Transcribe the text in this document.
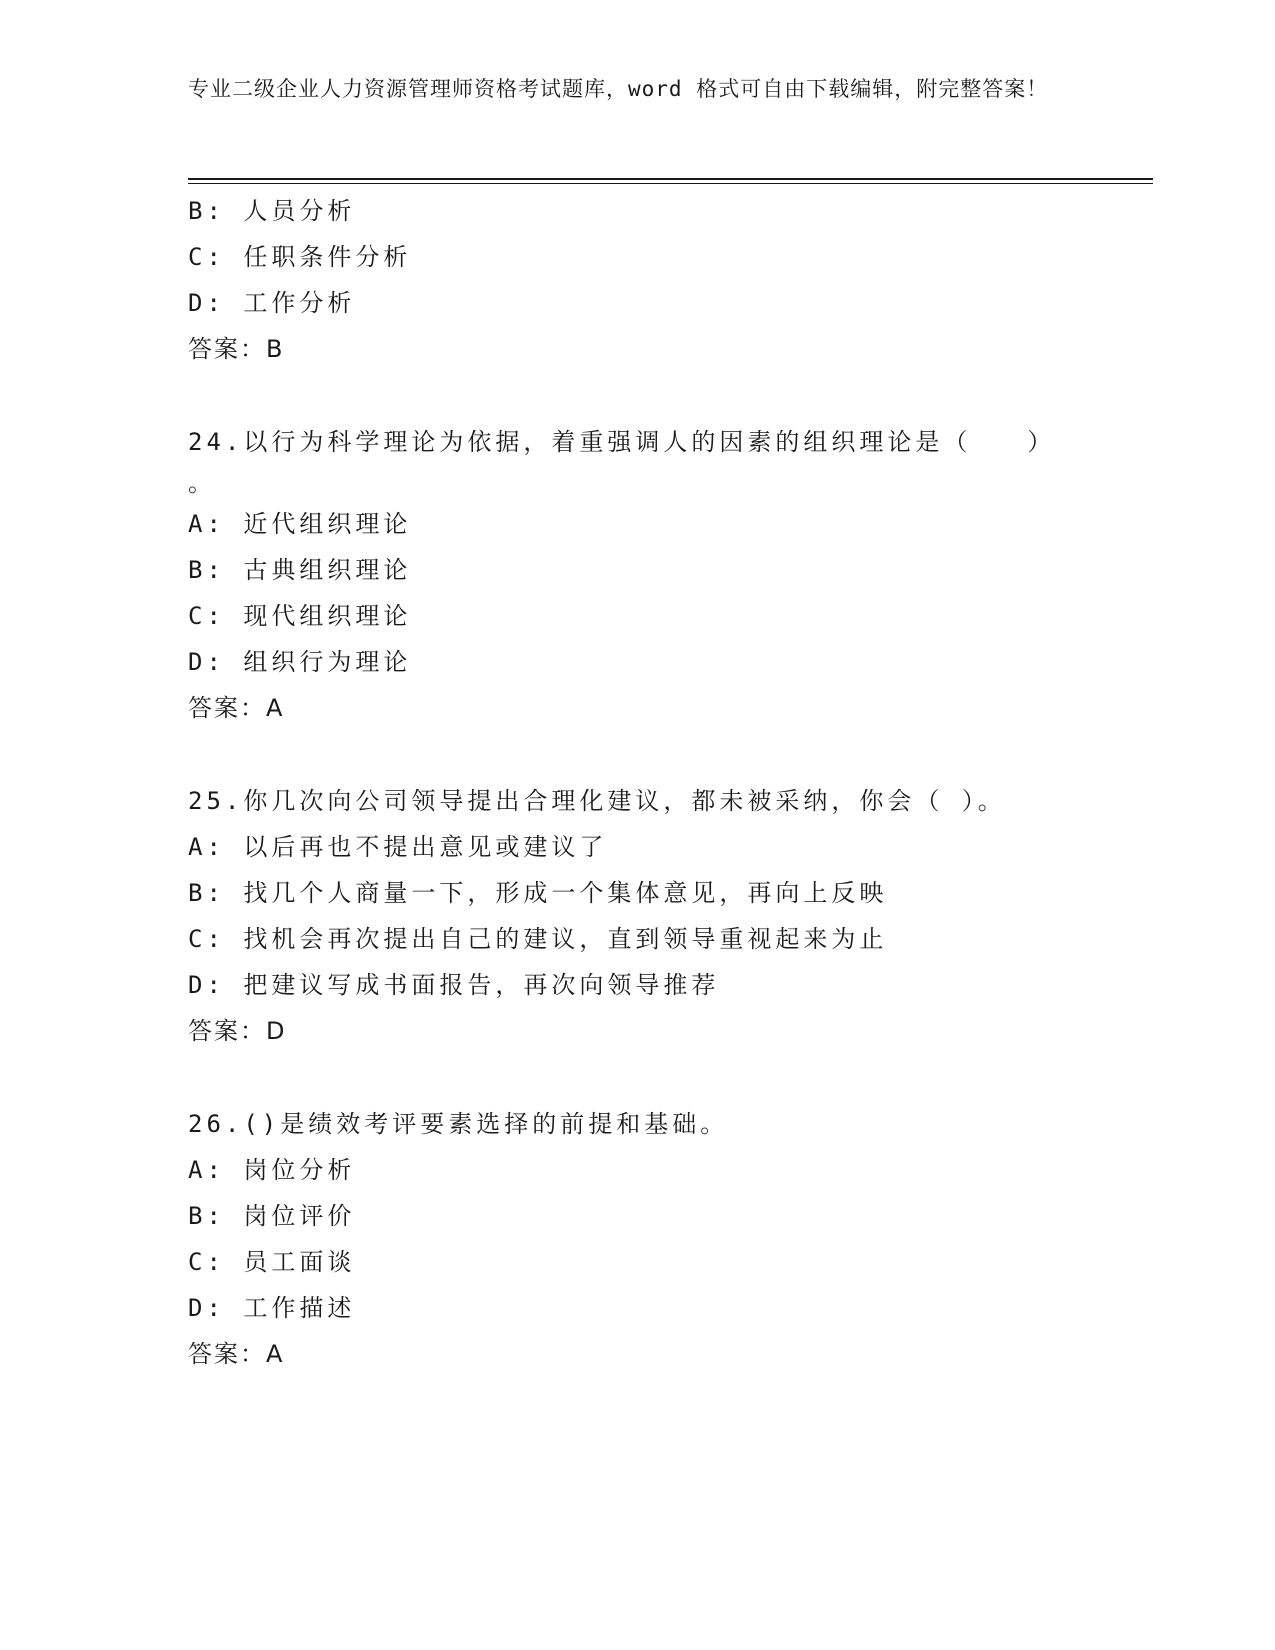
专业二级企业人力资源管理师资格考试题库，word 格式可自由下载编辑，附完整答案！
B: 人员分析
C: 任职条件分析
D: 工作分析
答案：B
24.以行为科学理论为依据，着重强调人的因素的组织理论是（　　）
。
A: 近代组织理论
B: 古典组织理论
C: 现代组织理论
D: 组织行为理论
答案：A
25.你几次向公司领导提出合理化建议，都未被采纳，你会（ ）。
A: 以后再也不提出意见或建议了
B: 找几个人商量一下，形成一个集体意见，再向上反映
C: 找机会再次提出自己的建议，直到领导重视起来为止
D: 把建议写成书面报告，再次向领导推荐
答案：D
26.()是绩效考评要素选择的前提和基础。
A: 岗位分析
B: 岗位评价
C: 员工面谈
D: 工作描述
答案：A
